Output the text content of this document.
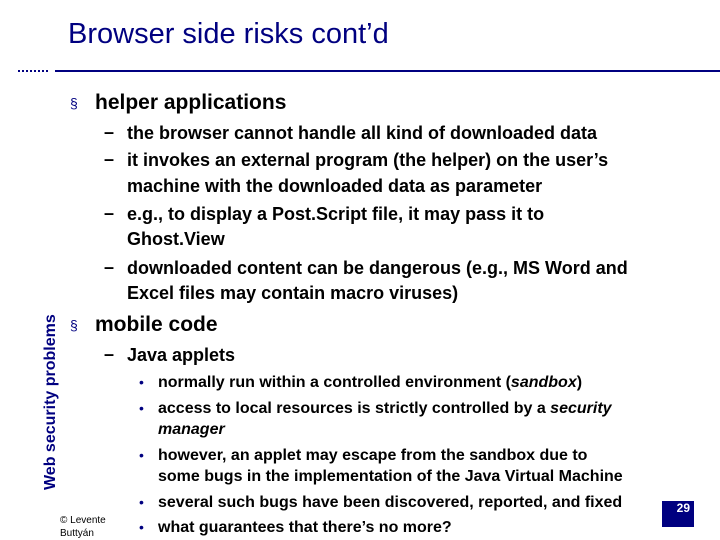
Browser side risks cont’d
Web security problems
§ helper applications
– the browser cannot handle all kind of downloaded data
– it invokes an external program (the helper) on the user’s
machine with the downloaded data as parameter
– e.g., to display a Post.Script file, it may pass it to
Ghost.View
– downloaded content can be dangerous (e.g., MS Word and
Excel files may contain macro viruses)
§ mobile code
– Java applets
• normally run within a controlled environment (sandbox)
• access to local resources is strictly controlled by a security
manager
• however, an applet may escape from the sandbox due to
some bugs in the implementation of the Java Virtual Machine
• several such bugs have been discovered, reported, and fixed
• what guarantees that there’s no more?
© Levente
Buttyán
29
